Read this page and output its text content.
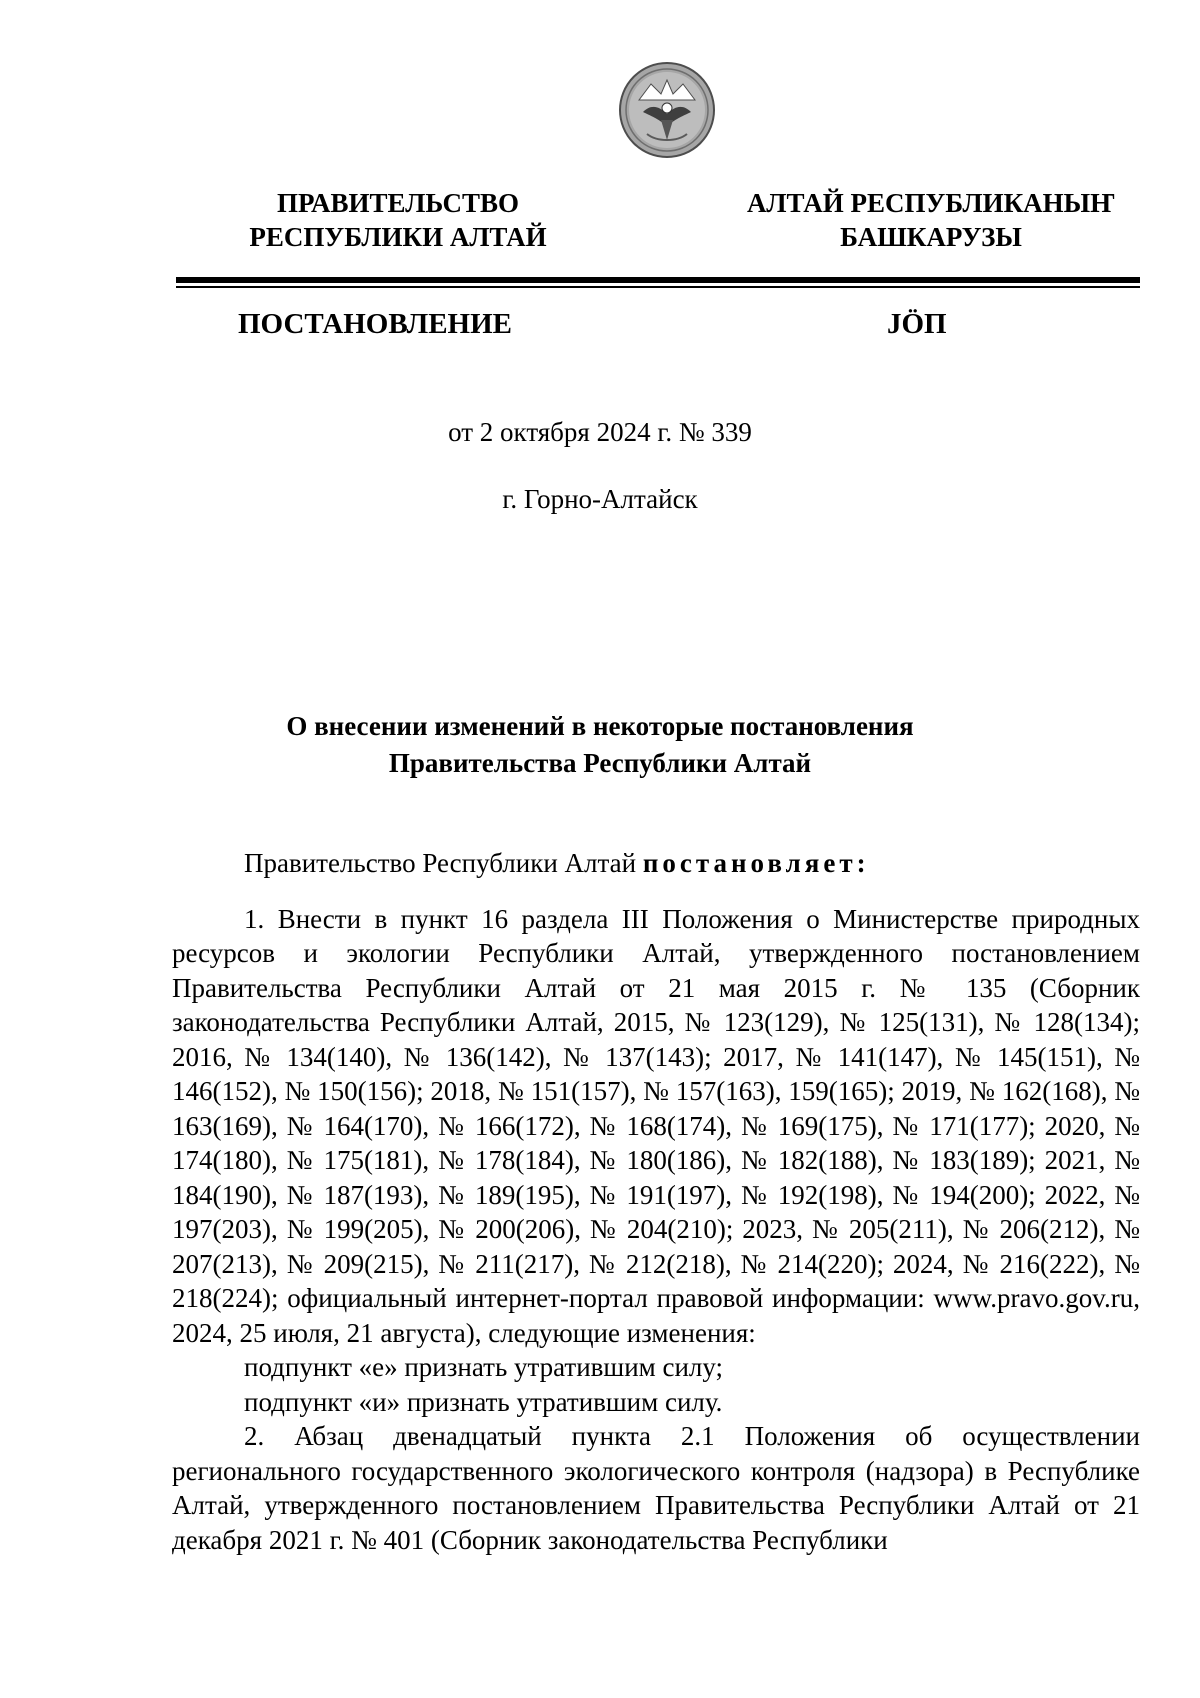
ПРАВИТЕЛЬСТВО
РЕСПУБЛИКИ АЛТАЙ
АЛТАЙ РЕСПУБЛИКАНЫҤ
БАШКАРУЗЫ
ПОСТАНОВЛЕНИЕ	JӦП
от 2 октября 2024 г. № 339
г. Горно-Алтайск
О внесении изменений в некоторые постановления
Правительства Республики Алтай

Правительство Республики Алтай постановляет:

1. Внести в пункт 16 раздела III Положения о Министерстве природных ресурсов и экологии Республики Алтай, утвержденного постановлением Правительства Республики Алтай от 21 мая 2015 г. № 135 (Сборник законодательства Республики Алтай, 2015, № 123(129), № 125(131), № 128(134); 2016, № 134(140), № 136(142), № 137(143); 2017, № 141(147), № 145(151), № 146(152), № 150(156); 2018, № 151(157), № 157(163), 159(165); 2019, № 162(168), № 163(169), № 164(170), № 166(172), № 168(174), № 169(175), № 171(177); 2020, № 174(180), № 175(181), № 178(184), № 180(186), № 182(188), № 183(189); 2021, № 184(190), № 187(193), № 189(195), № 191(197), № 192(198), № 194(200); 2022, № 197(203), № 199(205), № 200(206), № 204(210); 2023, № 205(211), № 206(212), № 207(213), № 209(215), № 211(217), № 212(218), № 214(220); 2024, № 216(222), № 218(224); официальный интернет-портал правовой информации: www.pravo.gov.ru, 2024, 25 июля, 21 августа), следующие изменения:

подпункт «е» признать утратившим силу;

подпункт «и» признать утратившим силу.

2. Абзац двенадцатый пункта 2.1 Положения об осуществлении регионального государственного экологического контроля (надзора) в Республике Алтай, утвержденного постановлением Правительства Республики Алтай от 21 декабря 2021 г. № 401 (Сборник законодательства Республики
